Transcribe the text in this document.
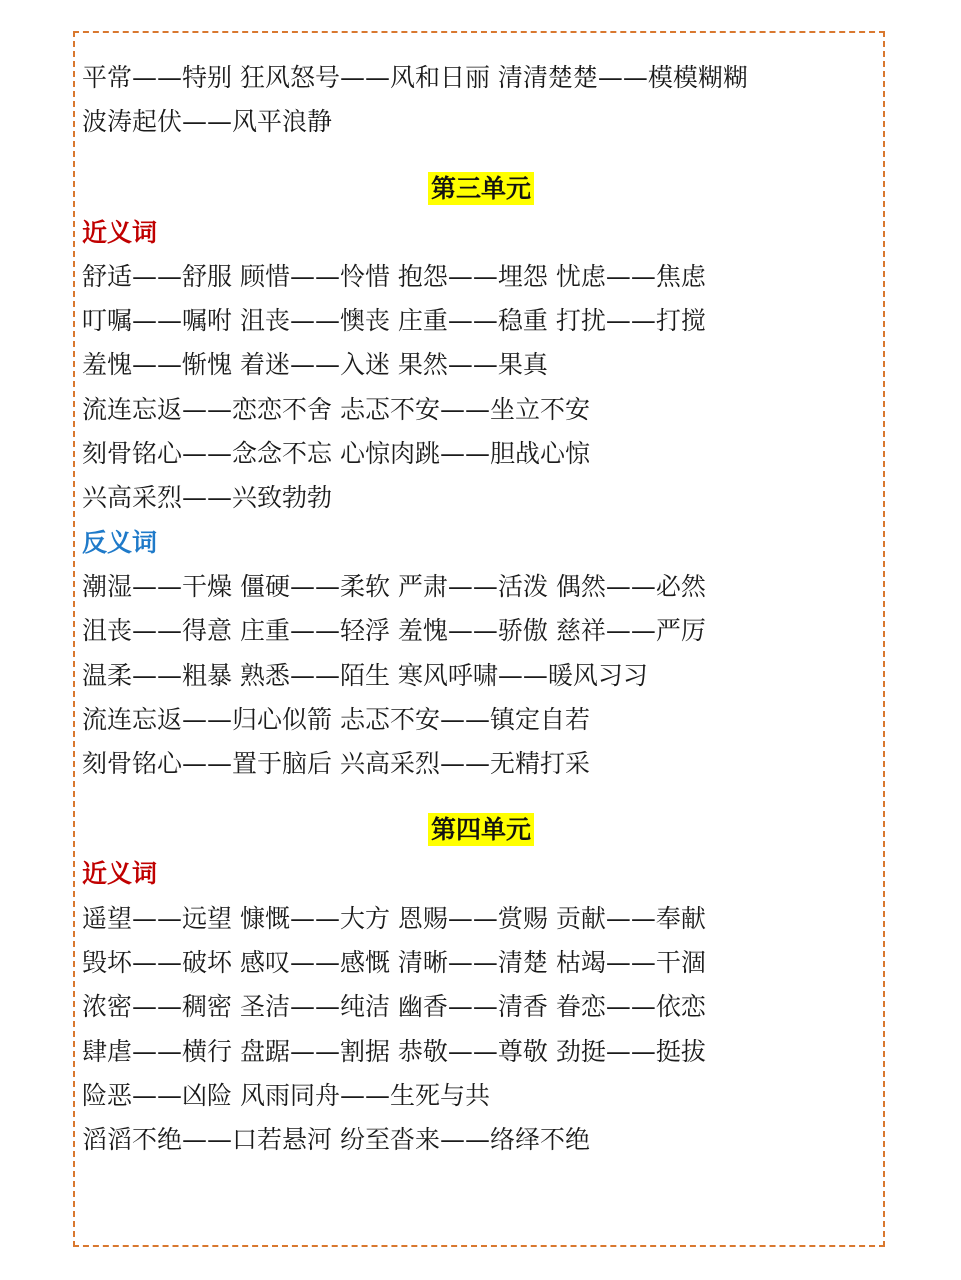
平常——特别 狂风怒号——风和日丽 清清楚楚——模模糊糊
波涛起伏——风平浪静
第三单元
近义词
舒适——舒服 顾惜——怜惜 抱怨——埋怨 忧虑——焦虑
叮嘱——嘱咐 沮丧——懊丧 庄重——稳重 打扰——打搅
羞愧——惭愧 着迷——入迷 果然——果真
流连忘返——恋恋不舍 忐忑不安——坐立不安
刻骨铭心——念念不忘 心惊肉跳——胆战心惊
兴高采烈——兴致勃勃
反义词
潮湿——干燥 僵硬——柔软 严肃——活泼 偶然——必然
沮丧——得意 庄重——轻浮 羞愧——骄傲 慈祥——严厉
温柔——粗暴 熟悉——陌生 寒风呼啸——暖风习习
流连忘返——归心似箭 忐忑不安——镇定自若
刻骨铭心——置于脑后 兴高采烈——无精打采
第四单元
近义词
遥望——远望 慷慨——大方 恩赐——赏赐 贡献——奉献
毁坏——破坏 感叹——感慨 清晰——清楚 枯竭——干涸
浓密——稠密 圣洁——纯洁 幽香——清香 眷恋——依恋
肆虐——横行 盘踞——割据 恭敬——尊敬 劲挺——挺拔
险恶——凶险 风雨同舟——生死与共
滔滔不绝——口若悬河 纷至沓来——络绎不绝
